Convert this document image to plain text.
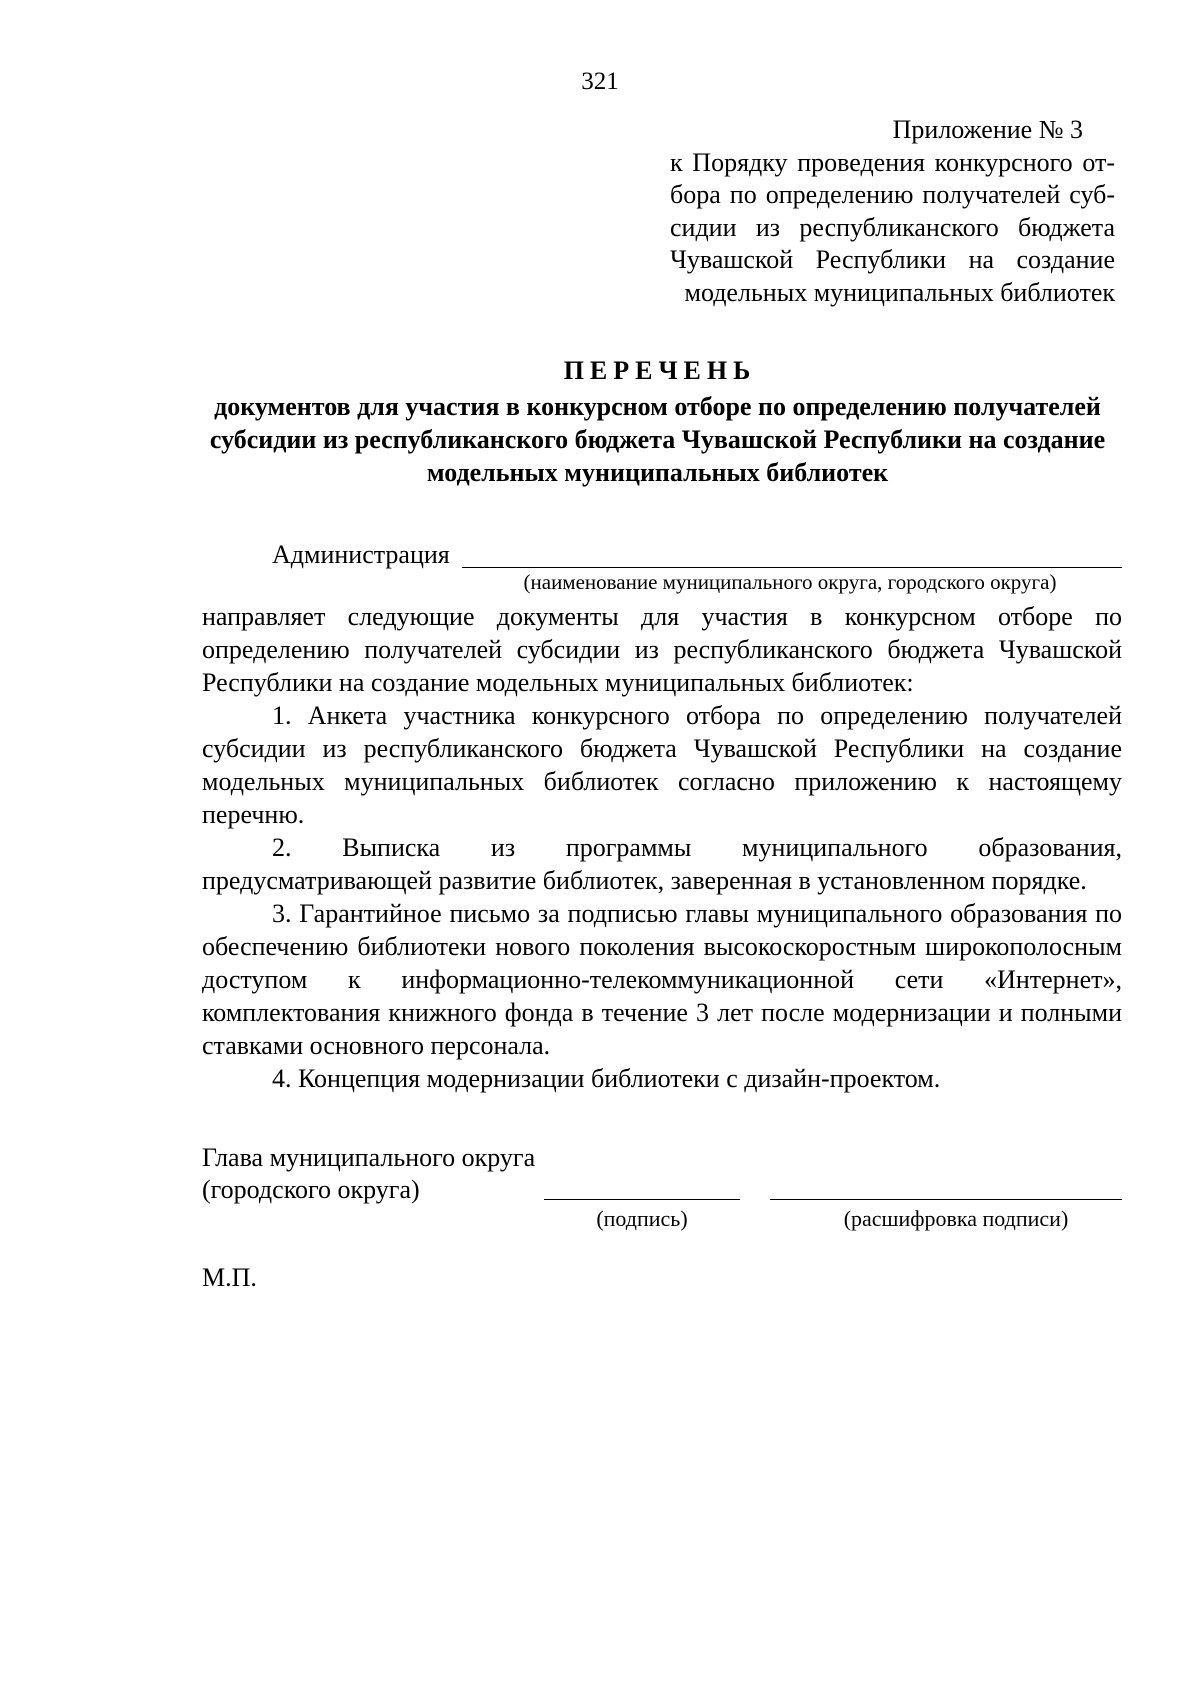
321
Приложение № 3
к Порядку проведения конкурсного от-
бора по определению получателей суб-
сидии из республиканского бюджета
Чувашской Республики на создание
модельных муниципальных библиотек
ПЕРЕЧЕНЬ
документов для участия в конкурсном отборе по определению получателей субсидии из республиканского бюджета Чувашской Республики на создание модельных муниципальных библиотек
Администрация
(наименование муниципального округа, городского округа)

направляет следующие документы для участия в конкурсном отборе по определению получателей субсидии из республиканского бюджета Чувашской Республики на создание модельных муниципальных библиотек:

1. Анкета участника конкурсного отбора по определению получателей субсидии из республиканского бюджета Чувашской Республики на создание модельных муниципальных библиотек согласно приложению к настоящему перечню.

2. Выписка из программы муниципального образования, предусматривающей развитие библиотек, заверенная в установленном порядке.

3. Гарантийное письмо за подписью главы муниципального образования по обеспечению библиотеки нового поколения высокоскоростным широкополосным доступом к информационно-телекоммуникационной сети «Интернет», комплектования книжного фонда в течение 3 лет после модернизации и полными ставками основного персонала.

4. Концепция модернизации библиотеки с дизайн-проектом.

Глава муниципального округа
(городского округа)
(подпись)	(расшифровка подписи)
М.П.
